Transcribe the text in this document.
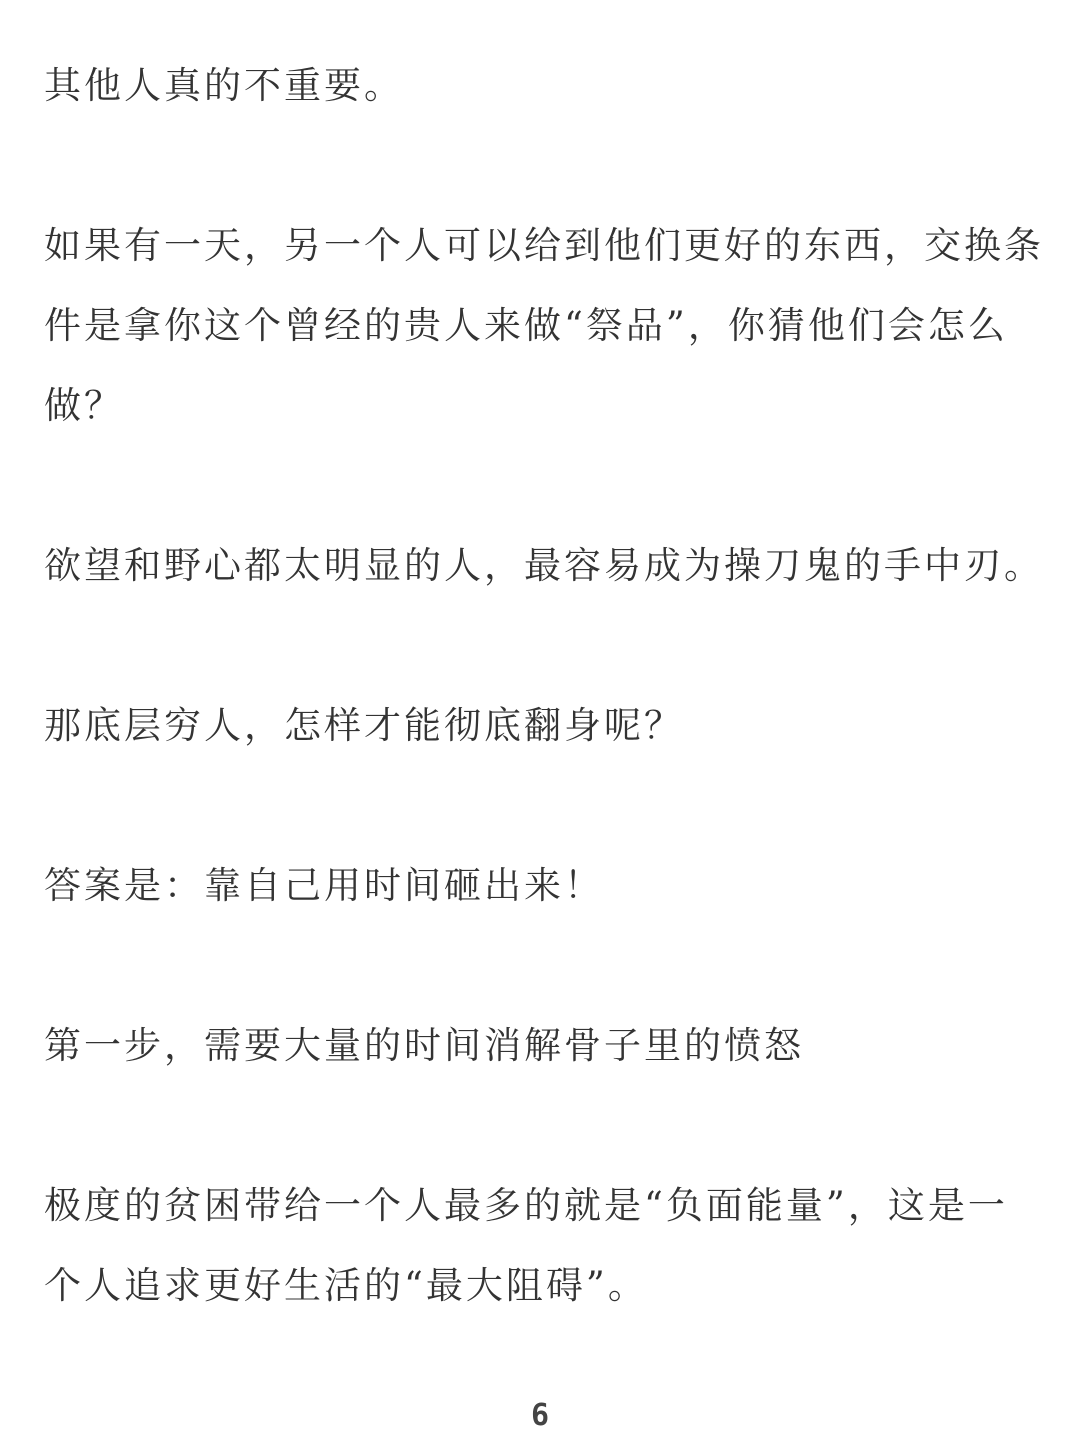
其他人真的不重要。

如果有一天，另一个人可以给到他们更好的东西，交换条件是拿你这个曾经的贵人来做“祭品”，你猜他们会怎么做？

欲望和野心都太明显的人，最容易成为操刀鬼的手中刃。

那底层穷人，怎样才能彻底翻身呢？

答案是：靠自己用时间砸出来！

第一步，需要大量的时间消解骨子里的愤怒

极度的贫困带给一个人最多的就是“负面能量”，这是一个人追求更好生活的“最大阻碍”。

6
